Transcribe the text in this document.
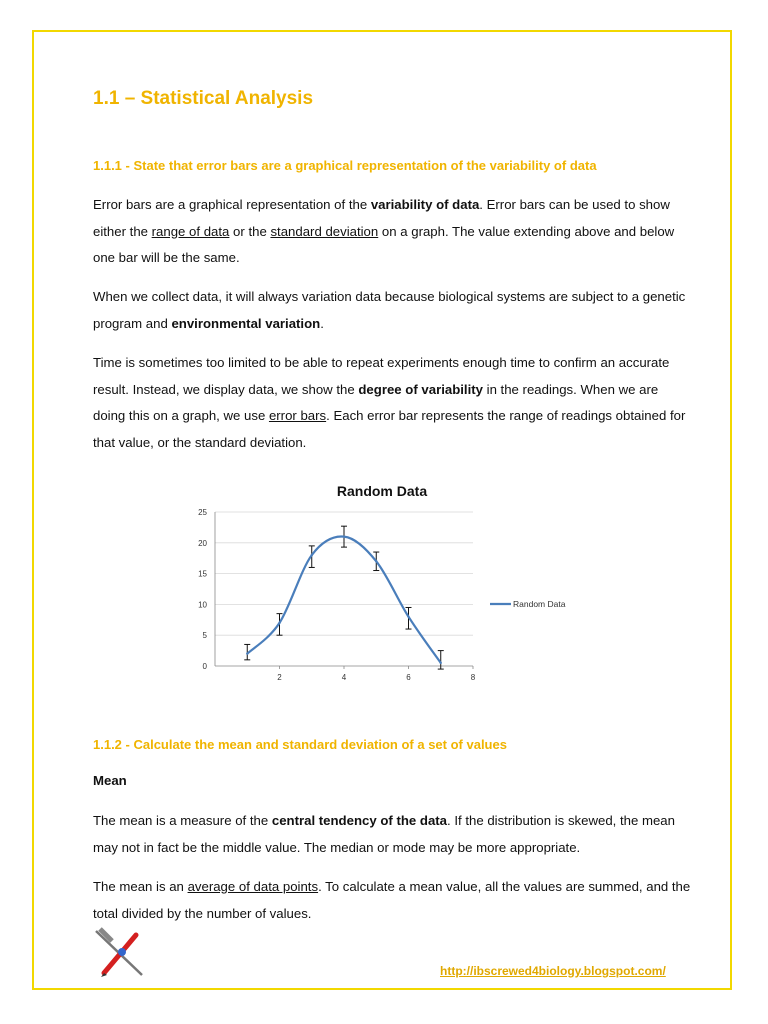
1.1 – Statistical Analysis
1.1.1 - State that error bars are a graphical representation of the variability of data

Error bars are a graphical representation of the variability of data. Error bars can be used to show either the range of data or the standard deviation on a graph. The value extending above and below one bar will be the same.

When we collect data, it will always variation data because biological systems are subject to a genetic program and environmental variation.

Time is sometimes too limited to be able to repeat experiments enough time to confirm an accurate result. Instead, we display data, we show the degree of variability in the readings. When we are doing this on a graph, we use error bars. Each error bar represents the range of readings obtained for that value, or the standard deviation.

Random Data
0
5
10
15
20
25
2	4	6	8
Random Data
1.1.2 - Calculate the mean and standard deviation of a set of values
Mean

The mean is a measure of the central tendency of the data. If the distribution is skewed, the mean may not in fact be the middle value. The median or mode may be more appropriate.

The mean is an average of data points. To calculate a mean value, all the values are summed, and the total divided by the number of values.

http://ibscrewed4biology.blogspot.com/
